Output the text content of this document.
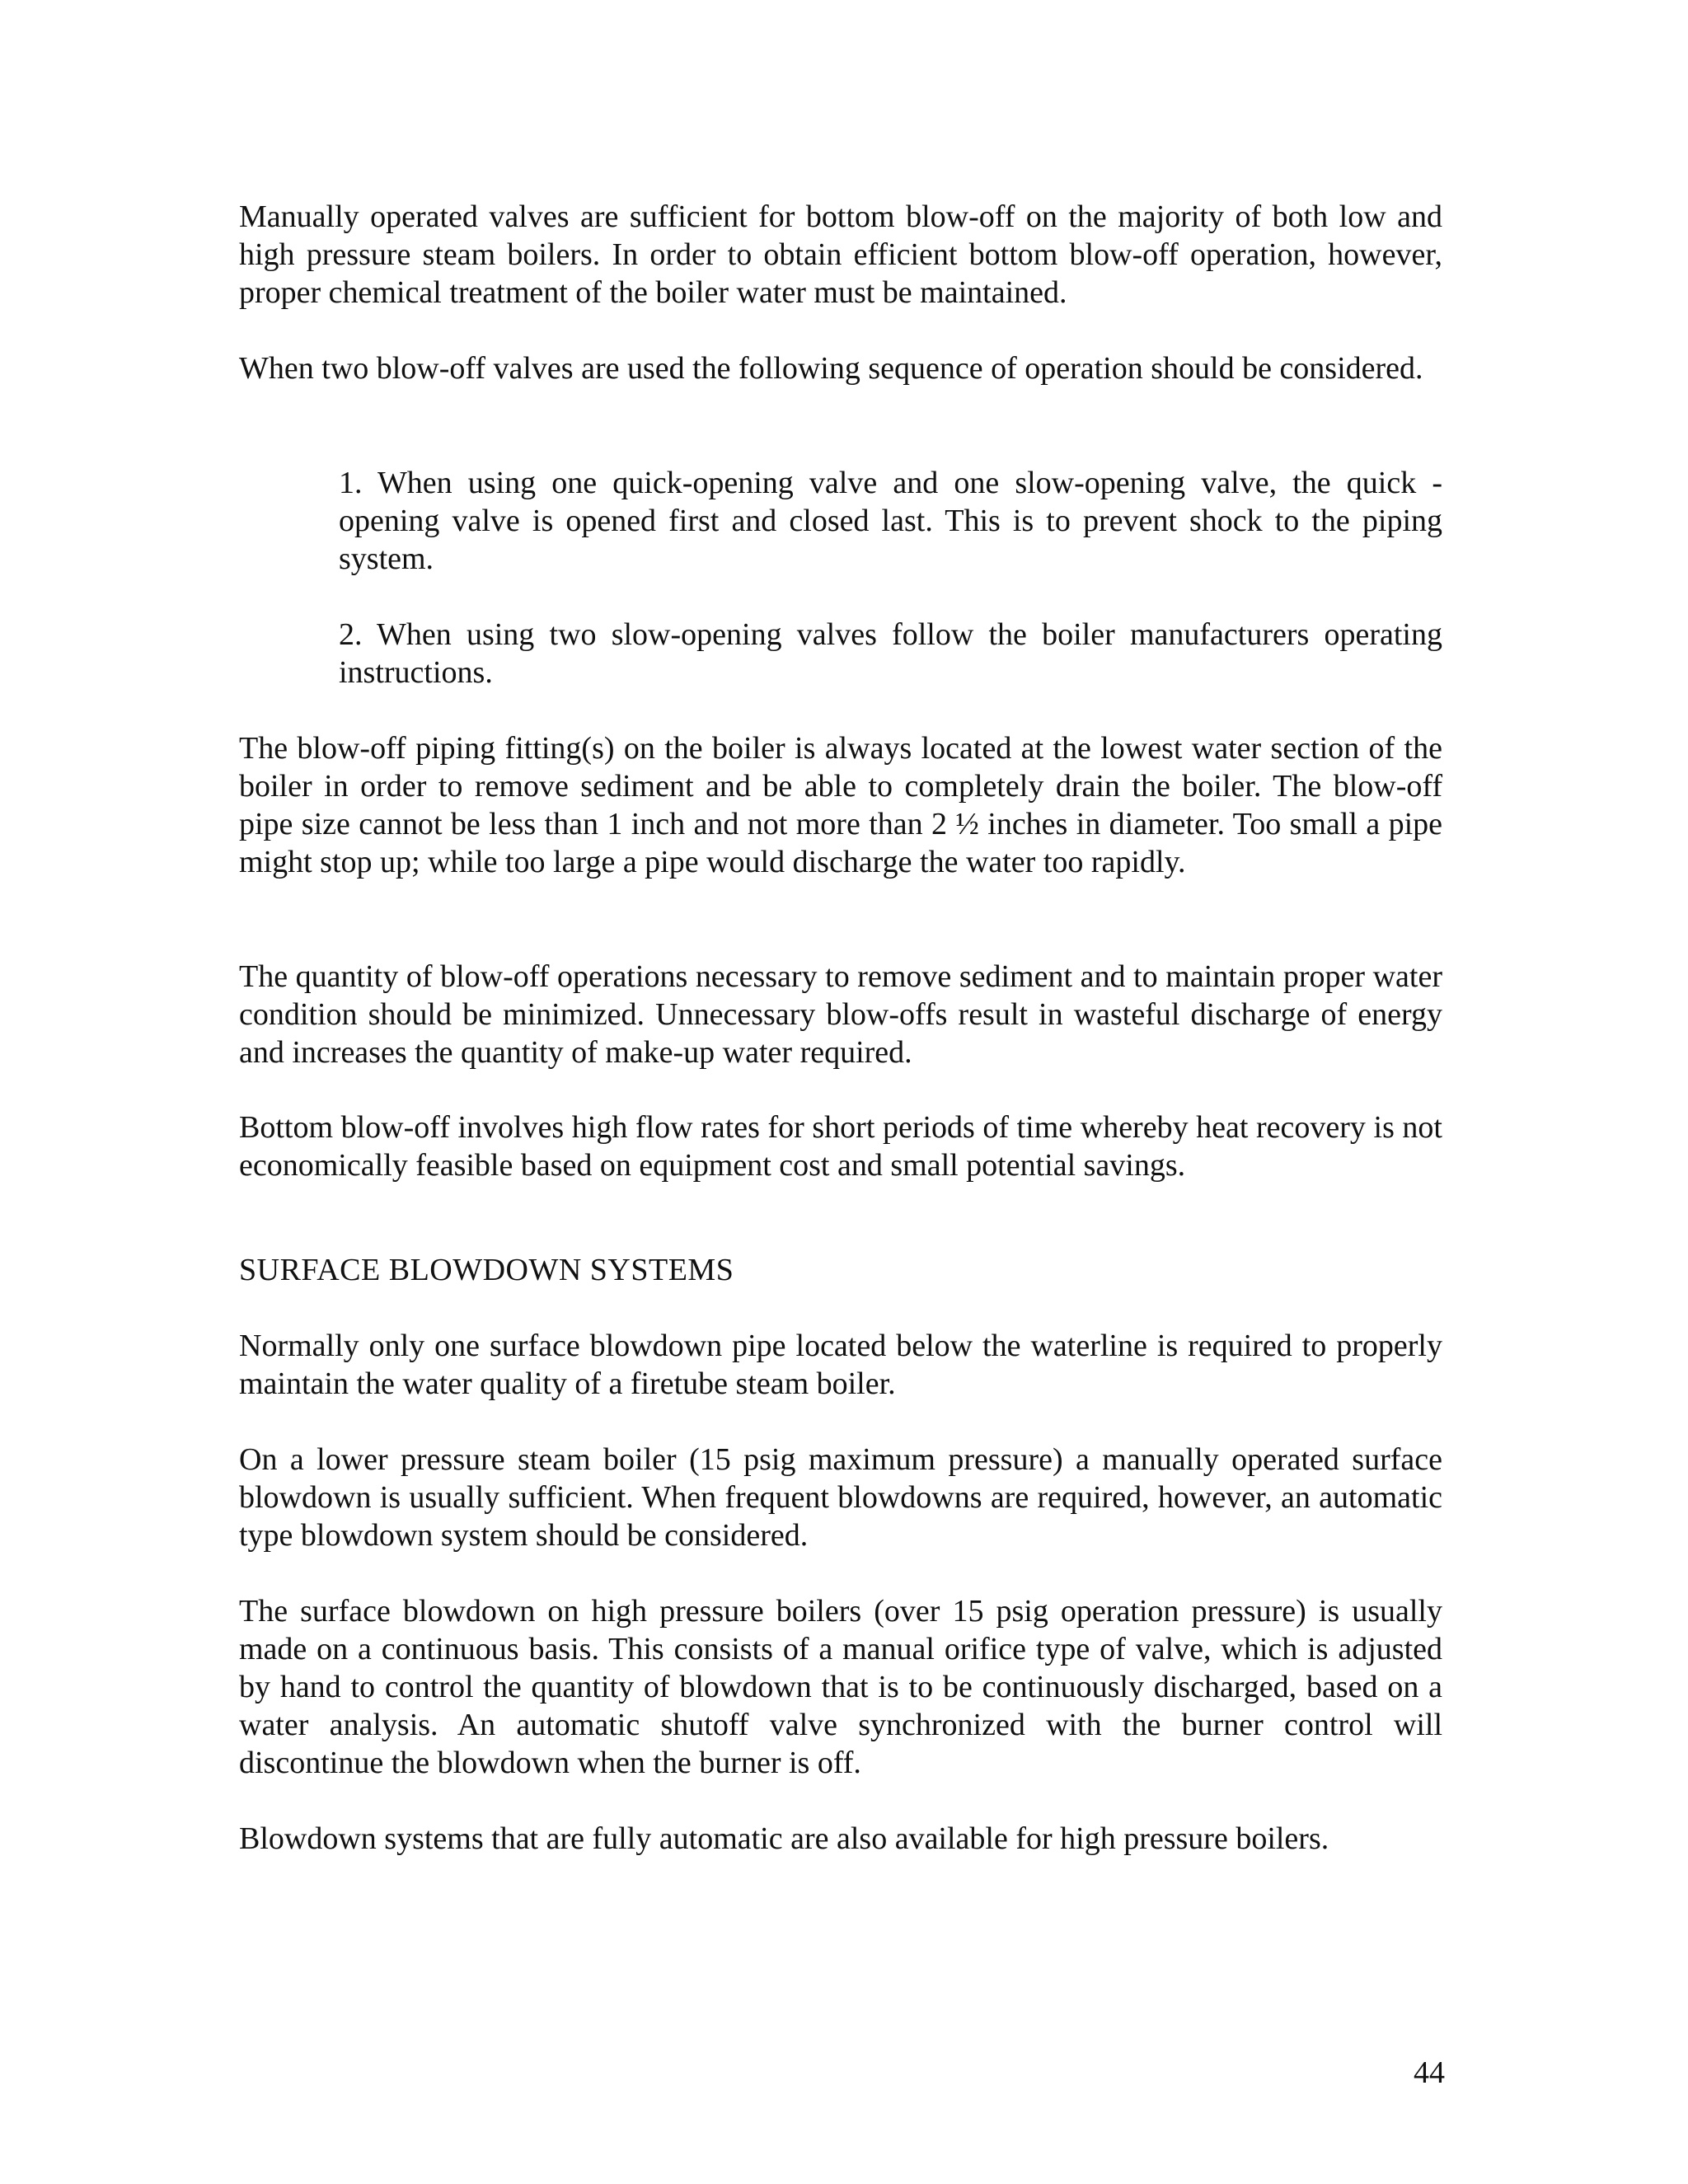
Manually operated valves are sufficient for bottom blow-off on the majority of both low and high pressure steam boilers. In order to obtain efficient bottom blow-off operation, however, proper chemical treatment of the boiler water must be maintained.

When two blow-off valves are used the following sequence of operation should be considered.

1. When using one quick-opening valve and one slow-opening valve, the quick - opening valve is opened first and closed last. This is to prevent shock to the piping system.

2. When using two slow-opening valves follow the boiler manufacturers operating instructions.

The blow-off piping fitting(s) on the boiler is always located at the lowest water section of the boiler in order to remove sediment and be able to completely drain the boiler. The blow-off pipe size cannot be less than 1 inch and not more than 2 ½ inches in diameter. Too small a pipe might stop up; while too large a pipe would discharge the water too rapidly.

The quantity of blow-off operations necessary to remove sediment and to maintain proper water condition should be minimized. Unnecessary blow-offs result in wasteful discharge of energy and increases the quantity of make-up water required.

Bottom blow-off involves high flow rates for short periods of time whereby heat recovery is not economically feasible based on equipment cost and small potential savings.

SURFACE BLOWDOWN SYSTEMS

Normally only one surface blowdown pipe located below the waterline is required to properly maintain the water quality of a firetube steam boiler.

On a lower pressure steam boiler (15 psig maximum pressure) a manually operated surface blowdown is usually sufficient. When frequent blowdowns are required, however, an automatic type blowdown system should be considered.

The surface blowdown on high pressure boilers (over 15 psig operation pressure) is usually made on a continuous basis. This consists of a manual orifice type of valve, which is adjusted by hand to control the quantity of blowdown that is to be continuously discharged, based on a water analysis. An automatic shutoff valve synchronized with the burner control will discontinue the blowdown when the burner is off.

Blowdown systems that are fully automatic are also available for high pressure boilers.

44
